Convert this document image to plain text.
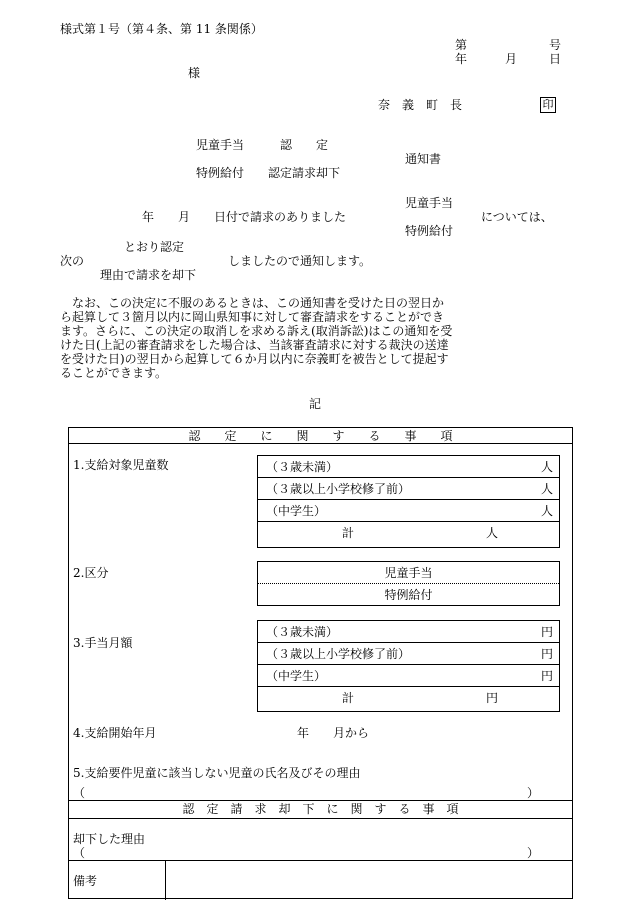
様式第１号（第４条、第 11 条関係）
第	号
年	月	日
様
奈　義　町　長	印
児童手当　　　認　　定
通知書
特例給付　　認定請求却下
児童手当
年　　月　　日付で請求のありました	については、
特例給付
とおり認定
次の	しましたので通知します。
理由で請求を却下

　なお、この決定に不服のあるときは、この通知書を受けた日の翌日か

ら起算して３箇月以内に岡山県知事に対して審査請求をすることができ

ます。さらに、この決定の取消しを求める訴え(取消訴訟)はこの通知を受

けた日(上記の審査請求をした場合は、当該審査請求に対する裁決の送達

を受けた日)の翌日から起算して６か月以内に奈義町を被告として提起す

ることができます。

記
認　　定　　に　　関　　す　　る　　事　　項
1.支給対象児童数	（３歳未満）	人
（３歳以上小学校修了前）	人
（中学生）	人
計	人
2.区分	児童手当
特例給付
3.手当月額
（３歳未満）	円
（３歳以上小学校修了前）	円
（中学生）	円
計	円
4.支給開始年月	年　　月から
5.支給要件児童に該当しない児童の氏名及びその理由
（	）
認　定　請　求　却　下　に　関　す　る　事　項
却下した理由
（	）
備考
